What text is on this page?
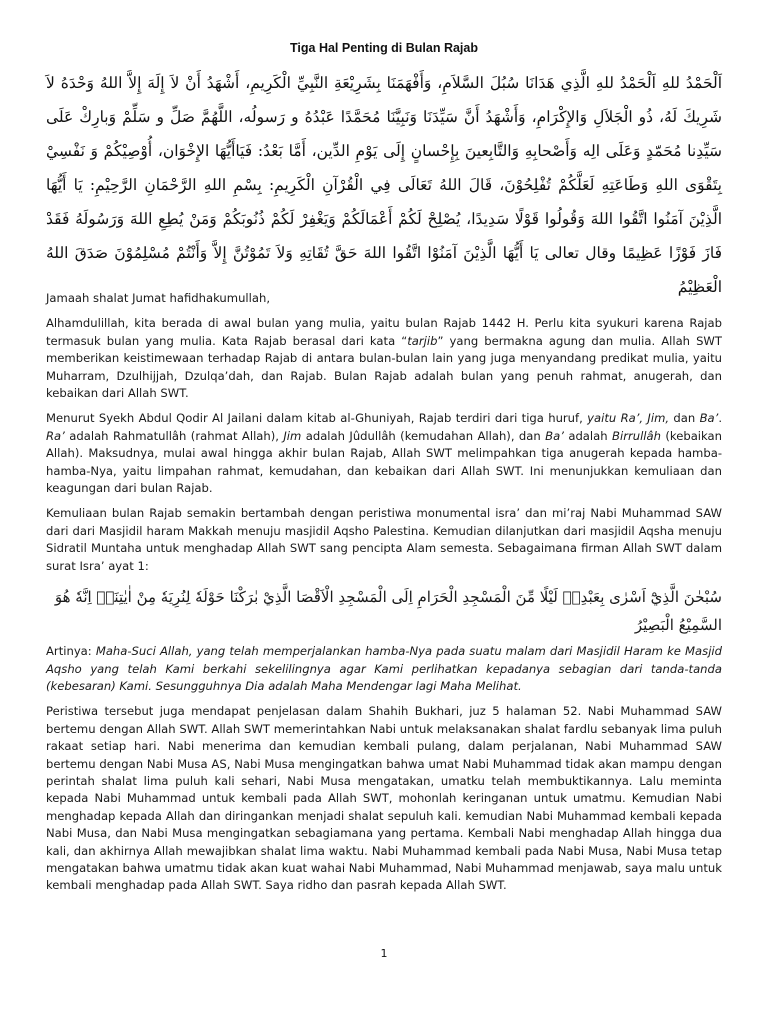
Tiga Hal Penting di Bulan Rajab
اَلْحَمْدُ للهِ اَلْحَمْدُ للهِ الَّذِي هَدَانَا سُبُلَ السَّلاَمِ، وَأَفْهَمَنَا بِشَرِيْعَةِ النَّبِيِّ الْكَرِيمِ، أَشْهَدُ أَنْ لاَ إِلَهَ إِلاَّ اللهُ وَحْدَهُ لاَ شَرِيكَ لَهُ، ذُو الْجَلاَلِ وَالإِكْرَامِ، وَأَشْهَدُ أَنَّ سَيِّدَنَا وَنَبِيَّنَا مُحَمَّدًا عَبْدُهُ و رَسولُه، اللَّهُمَّ صَلِّ و سَلِّمْ وَبارِكْ عَلَى سَيِّدِنا مُحَمّدٍ وَعَلَى الِه وَأَصْحابِهِ وَالتَّابِعينَ بِإِحْسانٍ إِلَى يَوْمِ الدِّين، أَمَّا بَعْدُ: فَيَاأَيُّهَا الإِخْوَان، أُوْصِيْكُمْ وَ نَفْسِيْ بِتَقْوَى اللهِ وَطَاعَتِهِ لَعَلَّكُمْ تُفْلِحُوْنَ، قَالَ اللهُ تَعَالَى فِي الْقُرْآنِ الْكَرِيمِ: بِسْمِ اللهِ الرَّحْمَانِ الرَّحِيْمِ: يَا أَيُّهَا الَّذِيْنَ آمَنُوا اتَّقُوا اللهَ وَقُولُوا قَوْلًا سَدِيدًا، يُصْلِحْ لَكُمْ أَعْمَالَكُمْ وَيَغْفِرْ لَكُمْ ذُنُوبَكُمْ وَمَنْ يُطِعِ اللهَ وَرَسُولَهُ فَقَدْ فَازَ فَوْزًا عَظِيمًا وقال تعالى يَا أَيُّهَا الَّذِيْنَ آمَنُوْا اتَّقُوا اللهَ حَقَّ تُقَاتِهِ وَلاَ تَمُوْتُنَّ إِلاَّ وَأَنْتُمْ مُسْلِمُوْنَ صَدَقَ اللهُ الْعَظِيْمُ

Jamaah shalat Jumat hafidhakumullah,

Alhamdulillah, kita berada di awal bulan yang mulia, yaitu bulan Rajab 1442 H. Perlu kita syukuri karena Rajab termasuk bulan yang mulia. Kata Rajab berasal dari kata “tarjib” yang bermakna agung dan mulia. Allah SWT memberikan keistimewaan terhadap Rajab di antara bulan-bulan lain yang juga menyandang predikat mulia, yaitu Muharram, Dzulhijjah, Dzulqa’dah, dan Rajab. Bulan Rajab adalah bulan yang penuh rahmat, anugerah, dan kebaikan dari Allah SWT.

Menurut Syekh Abdul Qodir Al Jailani dalam kitab al-Ghuniyah, Rajab terdiri dari tiga huruf, yaitu Ra’, Jim, dan Ba’. Ra’ adalah Rahmatullâh (rahmat Allah), Jim adalah Jûdullâh (kemudahan Allah), dan Ba’ adalah Birrullâh (kebaikan Allah). Maksudnya, mulai awal hingga akhir bulan Rajab, Allah SWT melimpahkan tiga anugerah kepada hamba-hamba-Nya, yaitu limpahan rahmat, kemudahan, dan kebaikan dari Allah SWT. Ini menunjukkan kemuliaan dan keagungan dari bulan Rajab.

Kemuliaan bulan Rajab semakin bertambah dengan peristiwa monumental isra’ dan mi’raj Nabi Muhammad SAW dari dari Masjidil haram Makkah menuju masjidil Aqsho Palestina. Kemudian dilanjutkan dari masjidil Aqsha menuju Sidratil Muntaha untuk menghadap Allah SWT sang pencipta Alam semesta. Sebagaimana firman Allah SWT dalam surat Isra’ ayat 1:

سُبْحٰنَ الَّذِيْٓ اَسْرٰى بِعَبْدِهٖ لَيْلًا مِّنَ الْمَسْجِدِ الْحَرَامِ اِلَى الْمَسْجِدِ الْاَقْصَا الَّذِيْ بٰرَكْنَا حَوْلَهٗ لِنُرِيَهٗ مِنْ اٰيٰتِنَاۗ اِنَّهٗ هُوَ السَّمِيْعُ الْبَصِيْرُ

Artinya: Maha-Suci Allah, yang telah memperjalankan hamba-Nya pada suatu malam dari Masjidil Haram ke Masjid Aqsho yang telah Kami berkahi sekelilingnya agar Kami perlihatkan kepadanya sebagian dari tanda-tanda (kebesaran) Kami. Sesungguhnya Dia adalah Maha Mendengar lagi Maha Melihat.

Peristiwa tersebut juga mendapat penjelasan dalam Shahih Bukhari, juz 5 halaman 52. Nabi Muhammad SAW bertemu dengan Allah SWT. Allah SWT memerintahkan Nabi untuk melaksanakan shalat fardlu sebanyak lima puluh rakaat setiap hari. Nabi menerima dan kemudian kembali pulang, dalam perjalanan, Nabi Muhammad SAW bertemu dengan Nabi Musa AS, Nabi Musa mengingatkan bahwa umat Nabi Muhammad tidak akan mampu dengan perintah shalat lima puluh kali sehari, Nabi Musa mengatakan, umatku telah membuktikannya. Lalu meminta kepada Nabi Muhammad untuk kembali pada Allah SWT, mohonlah keringanan untuk umatmu. Kemudian Nabi menghadap kepada Allah dan diringankan menjadi shalat sepuluh kali. kemudian Nabi Muhammad kembali kepada Nabi Musa, dan Nabi Musa mengingatkan sebagiamana yang pertama. Kembali Nabi menghadap Allah hingga dua kali, dan akhirnya Allah mewajibkan shalat lima waktu. Nabi Muhammad kembali pada Nabi Musa, Nabi Musa tetap mengatakan bahwa umatmu tidak akan kuat wahai Nabi Muhammad, Nabi Muhammad menjawab, saya malu untuk kembali menghadap pada Allah SWT. Saya ridho dan pasrah kepada Allah SWT.

1
